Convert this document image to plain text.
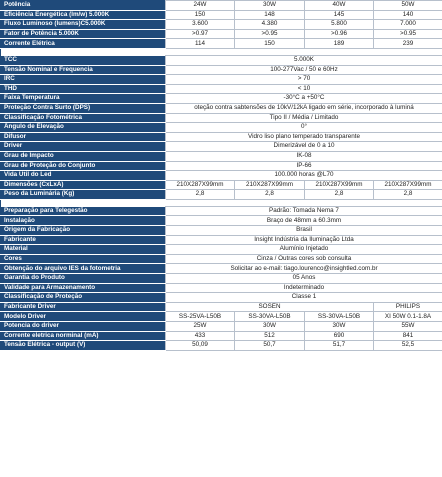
Potência	24W	30W	40W	50W
Eficiência Energética (lm/w) 5.000K	150	148	145	140
Fluxo Luminoso (lumens)C5.000K	3.600	4.380	5.800	7.000
Fator de Potência 5.000K	>0.97	>0.95	>0.96	>0.95
Corrente Elétrica	114	150	189	239

TCC	5.000K			
Tensão Nominal e Frequencia	100-277Vac / 50 e 60Hz			
IRC	> 70			
THD	< 10			
Faixa Temperatura	-30°C a +50°C			
Proteção Contra Surto (DPS)	oteção contra sabtensões de 10kV/12kA ligado em série, incorporado à luminá			
Classificação Fotométrica	Tipo II / Média / Limitado			
Ângulo de Elevação	0°			
Difusor	Vidro liso plano temperado transparente			
Driver	Dimerizável de 0 a 10			
Grau de Impacto	IK-08			
Grau de Proteção do Conjunto	IP-66			
Vida Útil do Led	100.000 horas @L70			
Dimensões (CxLxA)	210X287X99mm	210X287X99mm	210X287X99mm	210X287X99mm
Peso da Luminária (Kg)	2,8	2,8	2,8	2,8

Preparação para Telegestão	Padrão: Tomada Nema 7			
Instalação	Braço de 48mm a 60.3mm			
Origem da Fabricação	Brasil			
Fabricante	Insight Indústria da Iluminação Ltda			
Material	Alumínio Injetado			
Cores	Cinza / Outras cores sob consulta			
Obtenção do arquivo IES da fotometria	Solicitar ao e-mail: tiago.lourenco@insightled.com.br			
Garantia do Produto	05 Anos			
Validade para Armazenamento	Indeterminado			
Classificação de Proteção	Classe 1			
Fabricante Driver	SOSEN			PHILIPS
Modelo Driver	SS-25VA-L50B	SS-30VA-L50B	SS-30VA-L50B	XI 50W 0.1-1.8A
Potencia do driver	25W	30W	30W	55W
Corrente eletrica norminal (mA)	433	512	690	841
Tensão Elétrica - output (V)	50,09	50,7	51,7	52,5
